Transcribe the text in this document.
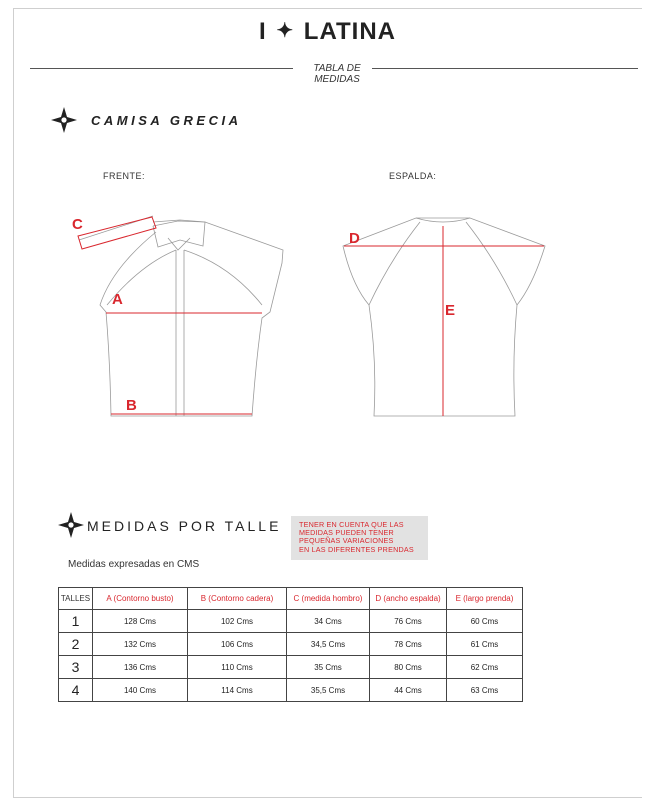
I ✦ LATINA
TABLA DE
MEDIDAS
CAMISA GRECIA
FRENTE:	ESPALDA:
C
A
B
D
E
MEDIDAS POR TALLE TENER EN CUENTA QUE LAS
MEDIDAS PUEDEN TENER
PEQUEÑAS VARIACIONES
EN LAS DIFERENTES PRENDAS
Medidas expresadas en CMS
TALLES	A (Contorno busto)	B (Contorno cadera)	C (medida hombro)	D (ancho espalda)	E (largo prenda)
1	128 Cms	102 Cms	34 Cms	76 Cms	60 Cms
2	132 Cms	106 Cms	34,5 Cms	78 Cms	61 Cms
3	136 Cms	110 Cms	35 Cms	80 Cms	62 Cms
4	140 Cms	114 Cms	35,5 Cms	44 Cms	63 Cms
